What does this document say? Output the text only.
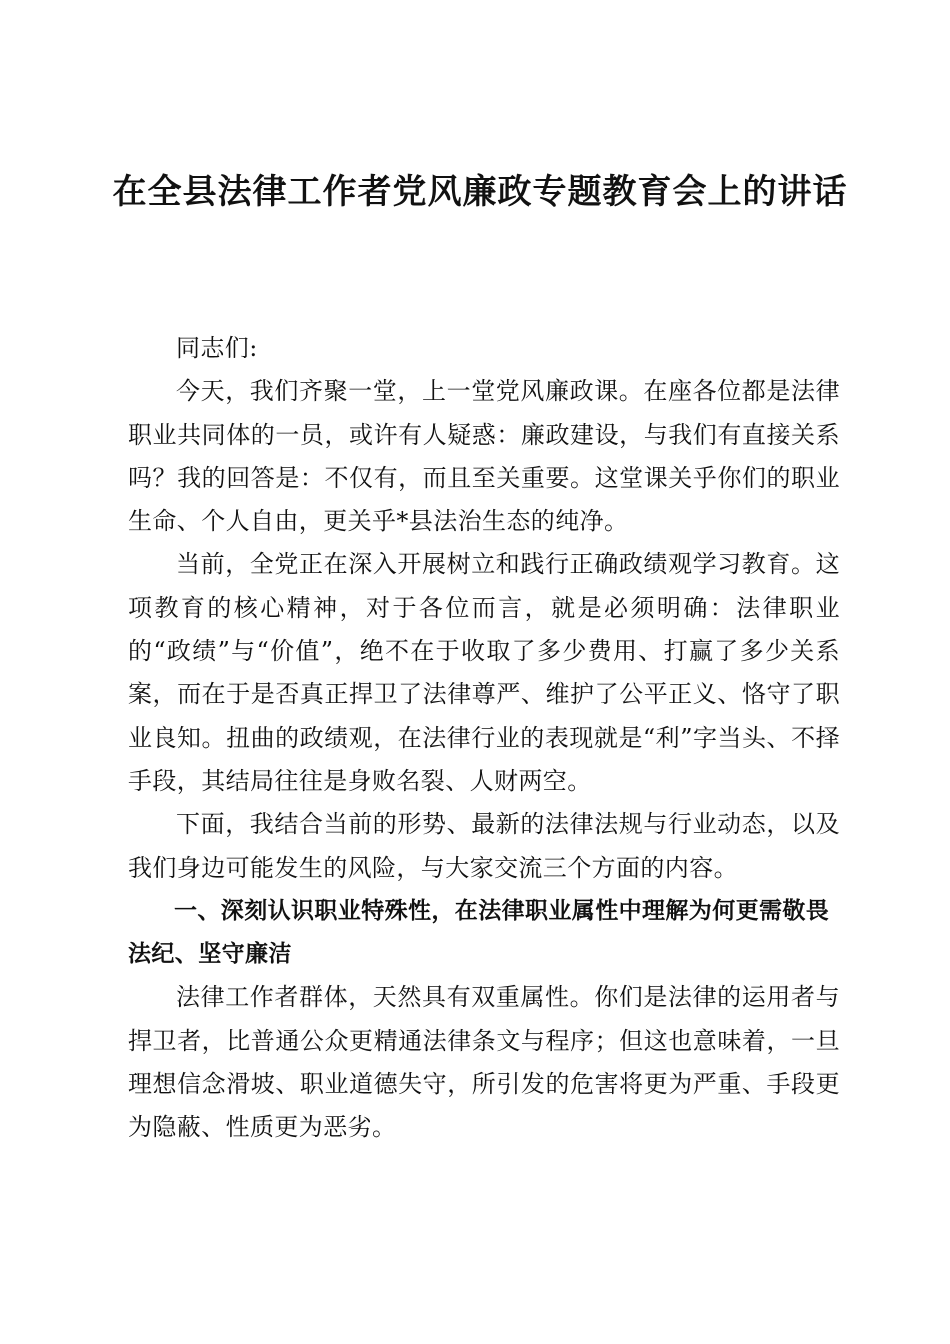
在全县法律工作者党风廉政专题教育会上的讲话

同志们:

今天，我们齐聚一堂，上一堂党风廉政课。在座各位都是法律职业共同体的一员，或许有人疑惑：廉政建设，与我们有直接关系吗？我的回答是：不仅有，而且至关重要。这堂课关乎你们的职业生命、个人自由，更关乎*县法治生态的纯净。

当前，全党正在深入开展树立和践行正确政绩观学习教育。这项教育的核心精神，对于各位而言，就是必须明确：法律职业的“政绩”与“价值”，绝不在于收取了多少费用、打赢了多少关系案，而在于是否真正捍卫了法律尊严、维护了公平正义、恪守了职业良知。扭曲的政绩观，在法律行业的表现就是“利”字当头、不择手段，其结局往往是身败名裂、人财两空。

下面，我结合当前的形势、最新的法律法规与行业动态，以及我们身边可能发生的风险，与大家交流三个方面的内容。

一、深刻认识职业特殊性，在法律职业属性中理解为何更需敬畏法纪、坚守廉洁

法律工作者群体，天然具有双重属性。你们是法律的运用者与捍卫者，比普通公众更精通法律条文与程序；但这也意味着，一旦理想信念滑坡、职业道德失守，所引发的危害将更为严重、手段更为隐蔽、性质更为恶劣。
